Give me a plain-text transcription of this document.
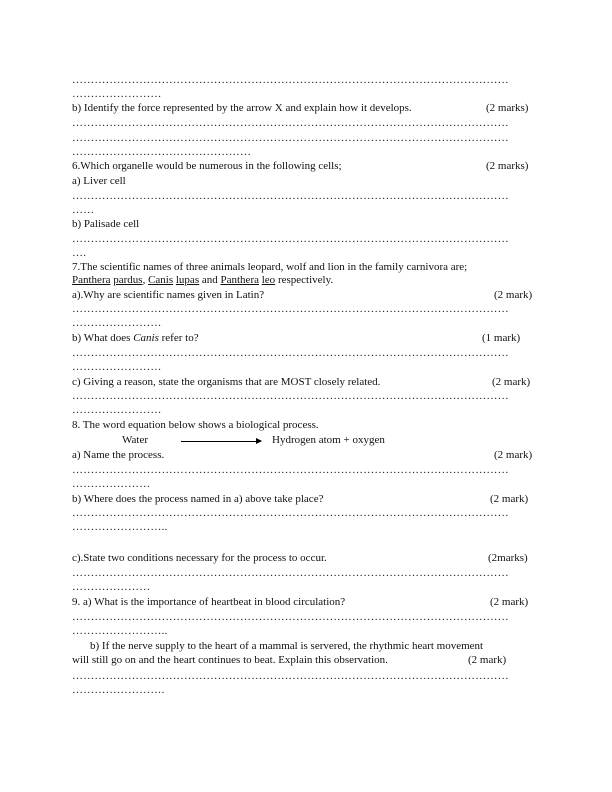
………………………………………………………………………………………………………
……………………
b) Identify the force represented by the arrow X and explain how it develops.	(2 marks)
………………………………………………………………………………………………………
………………………………………………………………………………………………………
…………………………………………
6.Which organelle would be numerous in the following cells;	(2 marks)
a) Liver cell
………………………………………………………………………………………………………
……
b) Palisade cell
………………………………………………………………………………………………………
….
7.The scientific names of three animals leopard, wolf and lion in the family carnivora are;
Panthera pardus, Canis lupas and Panthera leo respectively.
a).Why are scientific names given in Latin?	(2 mark)
………………………………………………………………………………………………………
……………………
b) What does Canis refer to?	(1 mark)
………………………………………………………………………………………………………
……………………
c) Giving a reason, state the organisms that are MOST closely related.	(2 mark)
………………………………………………………………………………………………………
……………………
8. The word equation below shows a biological process.
Water	Hydrogen atom + oxygen
a) Name the process.	(2 mark)
………………………………………………………………………………………………………
…………………
b) Where does the process named in a) above take place?	(2 mark)
………………………………………………………………………………………………………
……………………..
c).State two conditions necessary for the process to occur.	(2marks)
………………………………………………………………………………………………………
…………………
9. a) What is the importance of heartbeat in blood circulation?	(2 mark)
………………………………………………………………………………………………………
……………………..
b) If the nerve supply to the heart of a mammal is servered, the rhythmic heart movement
will still go on and the heart continues to beat. Explain this observation.	(2 mark)
………………………………………………………………………………………………………
…………………….
